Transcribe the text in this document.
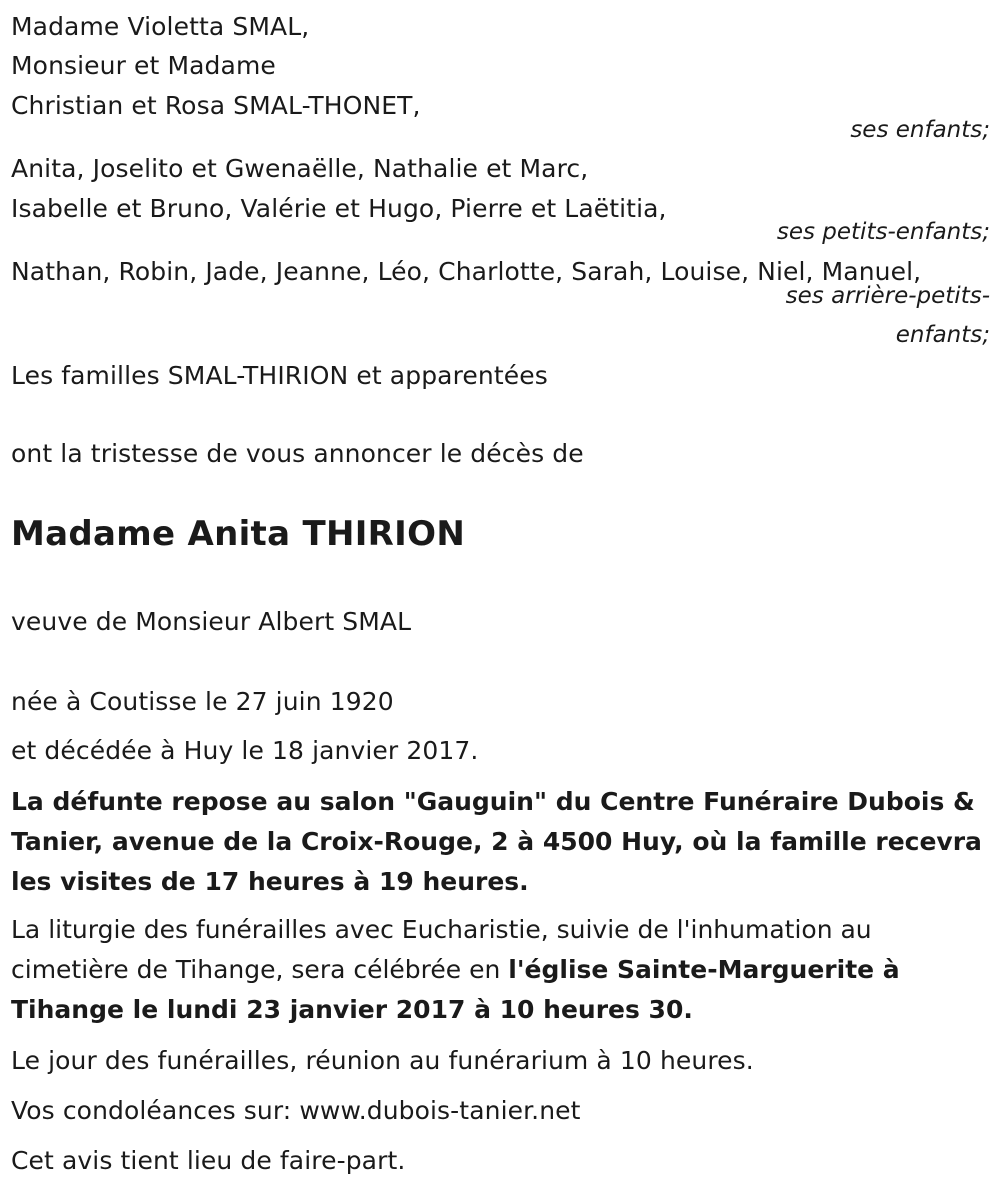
Madame Violetta SMAL,
Monsieur et Madame
Christian et Rosa SMAL-THONET,
ses enfants;
Anita, Joselito et Gwenaëlle, Nathalie et Marc,
Isabelle et Bruno, Valérie et Hugo, Pierre et Laëtitia,
ses petits-enfants;
Nathan, Robin, Jade, Jeanne, Léo, Charlotte, Sarah, Louise, Niel, Manuel,
ses arrière-petits-
enfants;
Les familles SMAL-THIRION et apparentées
ont la tristesse de vous annoncer le décès de
Madame Anita THIRION
veuve de Monsieur Albert SMAL
née à Coutisse le 27 juin 1920
et décédée à Huy le 18 janvier 2017.
La défunte repose au salon "Gauguin" du Centre Funéraire Dubois &
Tanier, avenue de la Croix-Rouge, 2 à 4500 Huy, où la famille recevra
les visites de 17 heures à 19 heures.
La liturgie des funérailles avec Eucharistie, suivie de l'inhumation au
cimetière de Tihange, sera célébrée en l'église Sainte-Marguerite à
Tihange le lundi 23 janvier 2017 à 10 heures 30.
Le jour des funérailles, réunion au funérarium à 10 heures.
Vos condoléances sur: www.dubois-tanier.net
Cet avis tient lieu de faire-part.
